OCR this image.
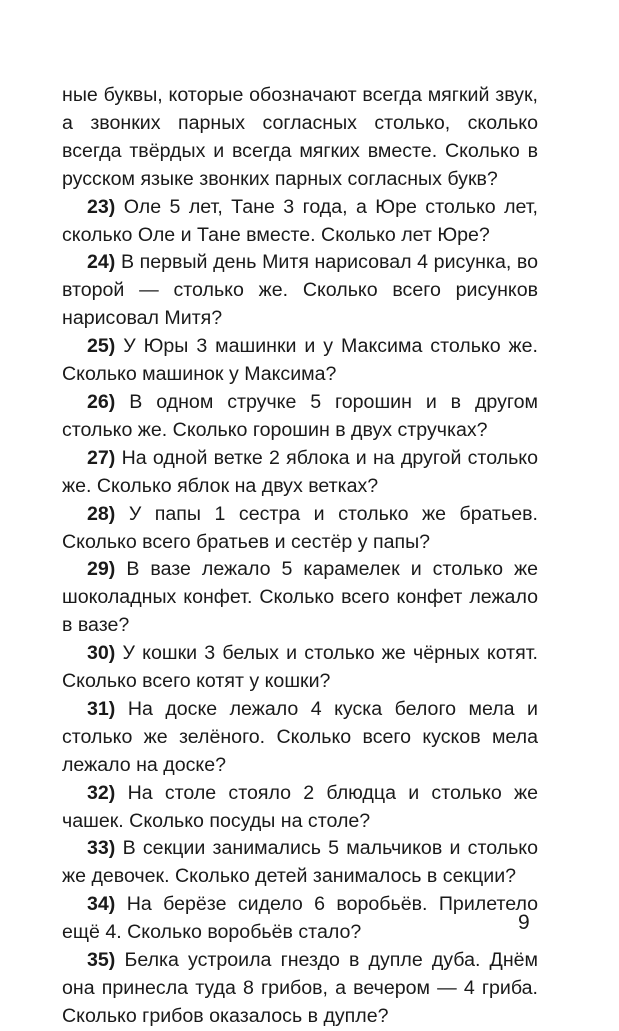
ные буквы, которые обозначают всегда мягкий звук, а звонких парных согласных столько, сколько всегда твёрдых и всегда мягких вместе. Сколько в русском языке звонких парных согласных букв?

23) Оле 5 лет, Тане 3 года, а Юре столько лет, сколько Оле и Тане вместе. Сколько лет Юре?

24) В первый день Митя нарисовал 4 рисунка, во второй — столько же. Сколько всего рисунков нарисовал Митя?

25) У Юры 3 машинки и у Максима столько же. Сколько машинок у Максима?

26) В одном стручке 5 горошин и в другом столько же. Сколько горошин в двух стручках?

27) На одной ветке 2 яблока и на другой столько же. Сколько яблок на двух ветках?

28) У папы 1 сестра и столько же братьев. Сколько всего братьев и сестёр у папы?

29) В вазе лежало 5 карамелек и столько же шоколадных конфет. Сколько всего конфет лежало в вазе?

30) У кошки 3 белых и столько же чёрных котят. Сколько всего котят у кошки?

31) На доске лежало 4 куска белого мела и столько же зелёного. Сколько всего кусков мела лежало на доске?

32) На столе стояло 2 блюдца и столько же чашек. Сколько посуды на столе?

33) В секции занимались 5 мальчиков и столько же девочек. Сколько детей занималось в секции?

34) На берёзе сидело 6 воробьёв. Прилетело ещё 4. Сколько воробьёв стало?

35) Белка устроила гнездо в дупле дуба. Днём она принесла туда 8 грибов, а вечером — 4 гриба. Сколько грибов оказалось в дупле?

9
